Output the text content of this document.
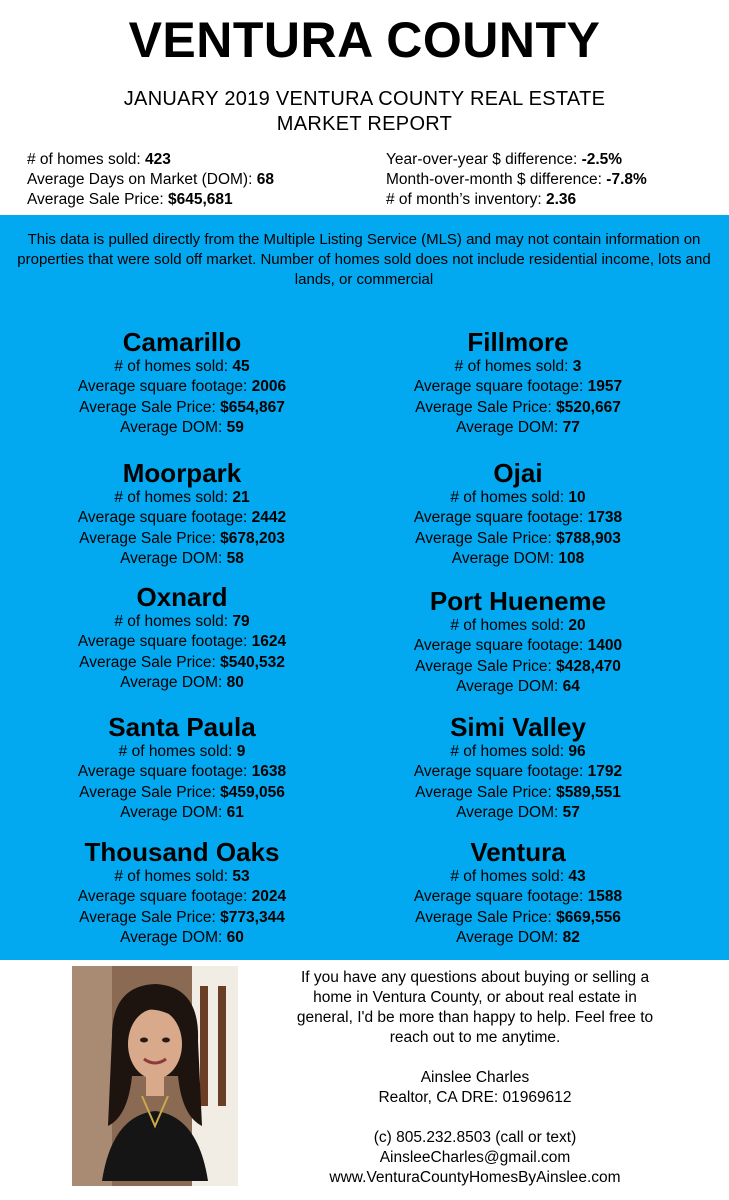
VENTURA COUNTY
JANUARY 2019 VENTURA COUNTY REAL ESTATE
MARKET REPORT
# of homes sold: 423
Average Days on Market (DOM): 68
Average Sale Price: $645,681
Year-over-year $ difference: -2.5%
Month-over-month $ difference: -7.8%
# of month’s inventory: 2.36
This data is pulled directly from the Multiple Listing Service (MLS) and may not contain information on properties that were sold off market. Number of homes sold does not include residential income, lots and lands, or commercial
Camarillo
# of homes sold: 45
Average square footage: 2006
Average Sale Price: $654,867
Average DOM: 59
Fillmore
# of homes sold: 3
Average square footage: 1957
Average Sale Price: $520,667
Average DOM: 77
Moorpark
# of homes sold: 21
Average square footage: 2442
Average Sale Price: $678,203
Average DOM: 58
Ojai
# of homes sold: 10
Average square footage: 1738
Average Sale Price: $788,903
Average DOM: 108
Oxnard
# of homes sold: 79
Average square footage: 1624
Average Sale Price: $540,532
Average DOM: 80
Port Hueneme
# of homes sold: 20
Average square footage: 1400
Average Sale Price: $428,470
Average DOM: 64
Santa Paula
# of homes sold: 9
Average square footage: 1638
Average Sale Price: $459,056
Average DOM: 61
Simi Valley
# of homes sold: 96
Average square footage: 1792
Average Sale Price: $589,551
Average DOM: 57
Thousand Oaks
# of homes sold: 53
Average square footage: 2024
Average Sale Price: $773,344
Average DOM: 60
Ventura
# of homes sold: 43
Average square footage: 1588
Average Sale Price: $669,556
Average DOM: 82

If you have any questions about buying or selling a home in Ventura County, or about real estate in general, I'd be more than happy to help. Feel free to reach out to me anytime.

Ainslee Charles

Realtor, CA DRE: 01969612

(c) 805.232.8503 (call or text)

AinsleeCharles@gmail.com

www.VenturaCountyHomesByAinslee.com
